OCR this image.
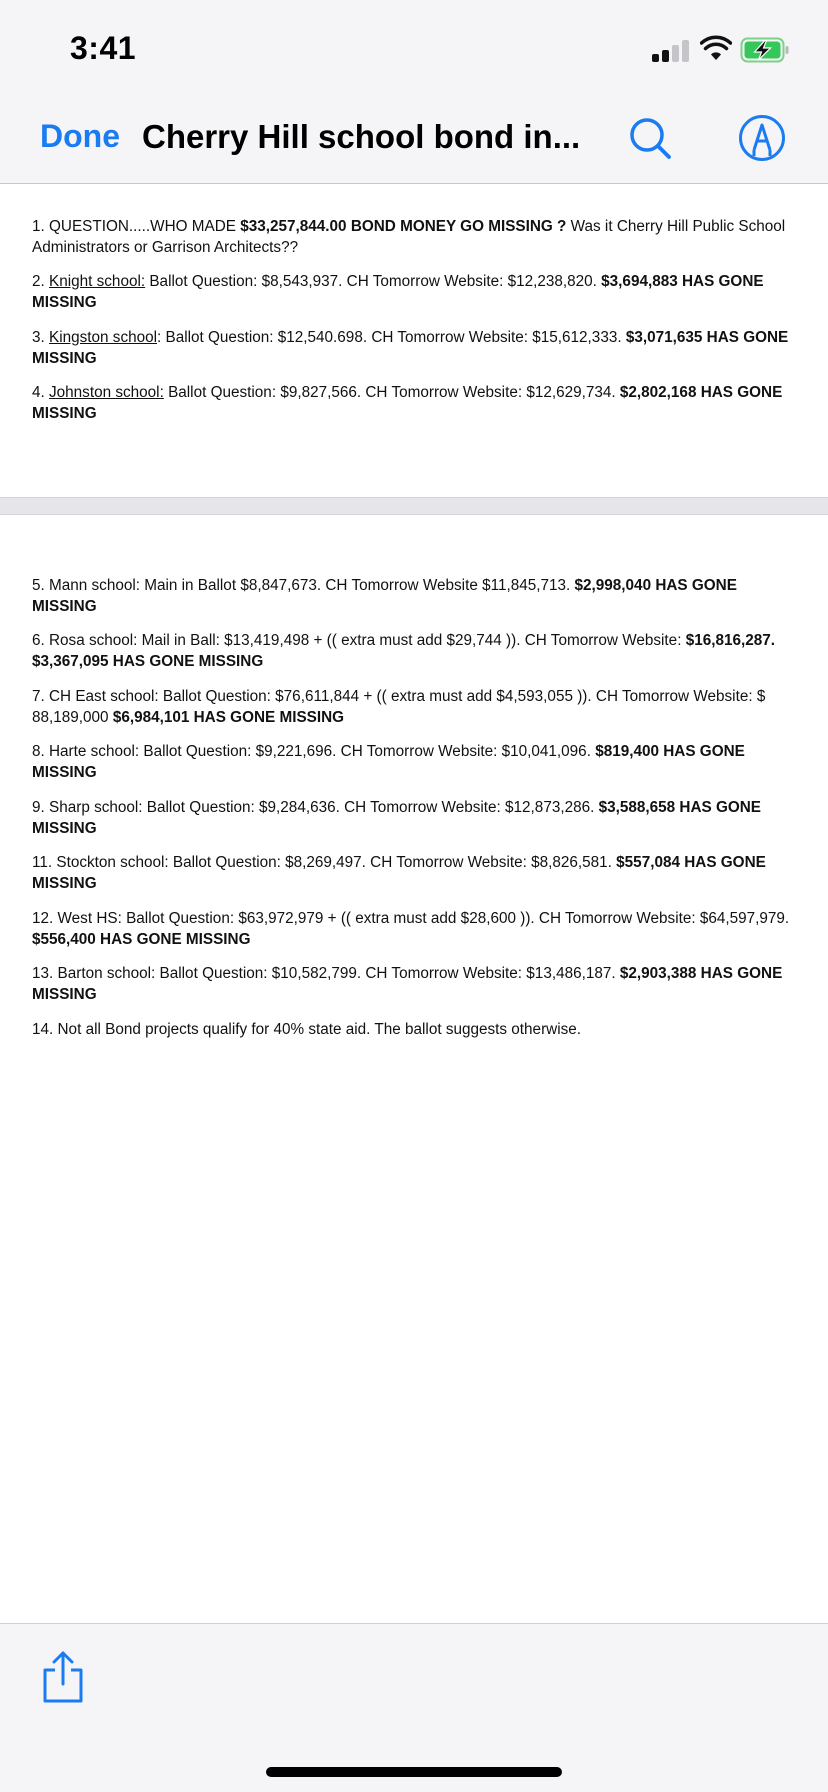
3:41
Done Cherry Hill school bond in...
1. QUESTION.....WHO MADE $33,257,844.00 BOND MONEY GO MISSING ? Was it Cherry Hill Public School Administrators or Garrison Architects??
2. Knight school: Ballot Question: $8,543,937. CH Tomorrow Website: $12,238,820. $3,694,883 HAS GONE MISSING
3. Kingston school: Ballot Question: $12,540.698. CH Tomorrow Website: $15,612,333. $3,071,635 HAS GONE MISSING
4. Johnston school: Ballot Question: $9,827,566. CH Tomorrow Website: $12,629,734. $2,802,168 HAS GONE MISSING
5. Mann school: Main in Ballot $8,847,673. CH Tomorrow Website $11,845,713. $2,998,040 HAS GONE MISSING
6. Rosa school: Mail in Ball: $13,419,498 + (( extra must add $29,744 )). CH Tomorrow Website: $16,816,287. $3,367,095 HAS GONE MISSING
7. CH East school: Ballot Question: $76,611,844 + (( extra must add $4,593,055 )). CH Tomorrow Website: $ 88,189,000 $6,984,101 HAS GONE MISSING
8. Harte school: Ballot Question: $9,221,696. CH Tomorrow Website: $10,041,096. $819,400 HAS GONE MISSING
9. Sharp school: Ballot Question: $9,284,636. CH Tomorrow Website: $12,873,286. $3,588,658 HAS GONE MISSING
11. Stockton school: Ballot Question: $8,269,497. CH Tomorrow Website: $8,826,581. $557,084 HAS GONE MISSING
12. West HS: Ballot Question: $63,972,979 + (( extra must add $28,600 )). CH Tomorrow Website: $64,597,979. $556,400 HAS GONE MISSING
13. Barton school: Ballot Question: $10,582,799. CH Tomorrow Website: $13,486,187. $2,903,388 HAS GONE MISSING
14. Not all Bond projects qualify for 40% state aid. The ballot suggests otherwise.
